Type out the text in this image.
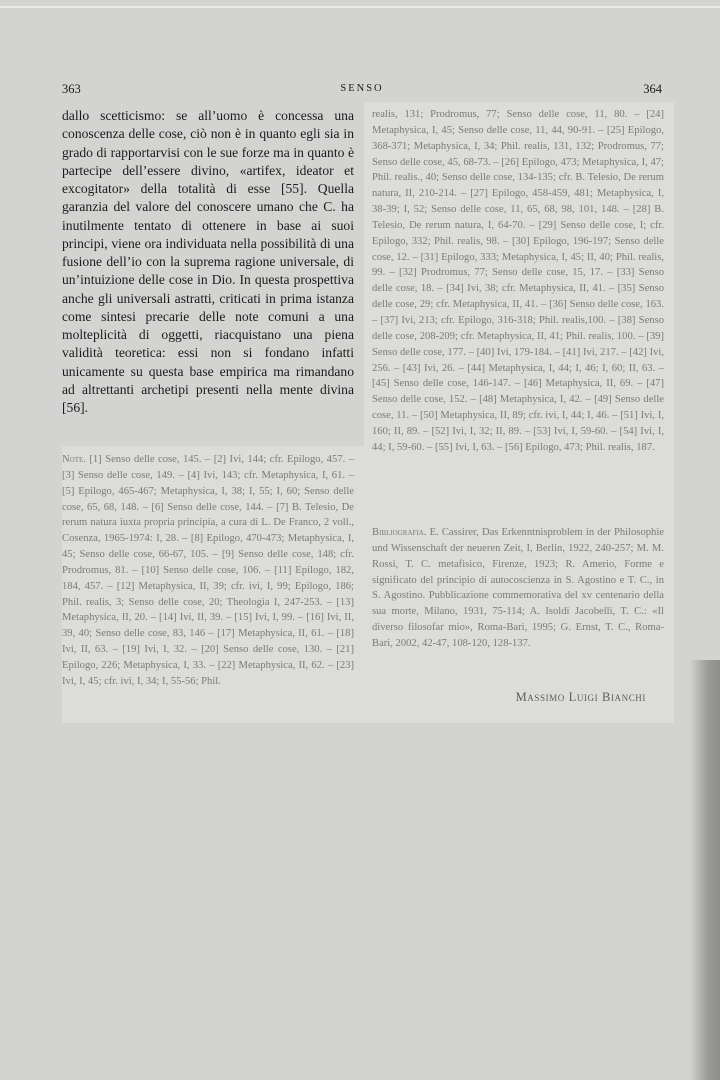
363	SENSO	364

dallo scetticismo: se all’uomo è concessa una conoscenza delle cose, ciò non è in quanto egli sia in grado di rapportarvisi con le sue forze ma in quanto è partecipe dell’essere divino, «artifex, ideator et excogitator» della totalità di esse [55]. Quella garanzia del valore del conoscere umano che C. ha inutilmente tentato di ottenere in base ai suoi principi, viene ora individuata nella possibilità di una fusione dell’io con la suprema ragione universale, di un’intuizione delle cose in Dio. In questa prospettiva anche gli universali astratti, criticati in prima istanza come sintesi precarie delle note comuni a una molteplicità di oggetti, riacquistano una piena validità teoretica: essi non si fondano infatti unicamente su questa base empirica ma rimandano ad altrettanti archetipi presenti nella mente divina [56].

Note. [1] Senso delle cose, 145. – [2] Ivi, 144; cfr. Epilogo, 457. – [3] Senso delle cose, 149. – [4] Ivi, 143; cfr. Metaphysica, I, 61. – [5] Epilogo, 465-467; Metaphysica, I, 38; I, 55; I, 60; Senso delle cose, 65, 68, 148. – [6] Senso delle cose, 144. – [7] B. Telesio, De rerum natura iuxta propria principia, a cura di L. De Franco, 2 voll., Cosenza, 1965-1974: I, 28. – [8] Epilogo, 470-473; Metaphysica, I, 45; Senso delle cose, 66-67, 105. – [9] Senso delle cose, 148; cfr. Prodromus, 81. – [10] Senso delle cose, 106. – [11] Epilogo, 182, 184, 457. – [12] Metaphysica, II, 39; cfr. ivi, I, 99; Epilogo, 186; Phil. realis, 3; Senso delle cose, 20; Theologia I, 247-253. – [13] Metaphysica, II, 20. – [14] Ivi, II, 39. – [15] Ivi, I, 99. – [16] Ivi, II, 39, 40; Senso delle cose, 83, 146 – [17] Metaphysica, II, 61. – [18] Ivi, II, 63. – [19] Ivi, I, 32. – [20] Senso delle cose, 130. – [21] Epilogo, 226; Metaphysica, I, 33. – [22] Metaphysica, II, 62. – [23] Ivi, I, 45; cfr. ivi, I, 34; I, 55-56; Phil.

realis, 131; Prodromus, 77; Senso delle cose, 11, 80. – [24] Metaphysica, I, 45; Senso delle cose, 11, 44, 90-91. – [25] Epilogo, 368-371; Metaphysica, I, 34; Phil. realis, 131, 132; Prodromus, 77; Senso delle cose, 45, 68-73. – [26] Epilogo, 473; Metaphysica, I, 47; Phil. realis., 40; Senso delle cose, 134-135; cfr. B. Telesio, De rerum natura, II, 210-214. – [27] Epilogo, 458-459, 481; Metaphysica, I, 38-39; I, 52; Senso delle cose, 11, 65, 68, 98, 101, 148. – [28] B. Telesio, De rerum natura, I, 64-70. – [29] Senso delle cose, I; cfr. Epilogo, 332; Phil. realis, 98. – [30] Epilogo, 196-197; Senso delle cose, 12. – [31] Epilogo, 333; Metaphysica, I, 45; II, 40; Phil. realis, 99. – [32] Prodromus, 77; Senso delle cose, 15, 17. – [33] Senso delle cose, 18. – [34] Ivi, 38; cfr. Metaphysica, II, 41. – [35] Senso delle cose, 29; cfr. Metaphysica, II, 41. – [36] Senso delle cose, 163. – [37] Ivi, 213; cfr. Epilogo, 316-318; Phil. realis,100. – [38] Senso delle cose, 208-209; cfr. Metaphysica, II, 41; Phil. realis, 100. – [39] Senso delle cose, 177. – [40] Ivi, 179-184. – [41] Ivi, 217. – [42] Ivi, 256. – [43] Ivi, 26. – [44] Metaphysica, I, 44; I, 46; I, 60; II, 63. – [45] Senso delle cose, 146-147. – [46] Metaphysica, II, 69. – [47] Senso delle cose, 152. – [48] Metaphysica, I, 42. – [49] Senso delle cose, 11. – [50] Metaphysica, II, 89; cfr. ivi, I, 44; I, 46. – [51] Ivi, I, 160; II, 89. – [52] Ivi, I, 32; II, 89. – [53] Ivi, I, 59-60. – [54] Ivi, I, 44; I, 59-60. – [55] Ivi, I, 63. – [56] Epilogo, 473; Phil. realis, 187.

Bibliografia. E. Cassirer, Das Erkenntnisproblem in der Philosophie und Wissenschaft der neueren Zeit, I, Berlin, 1922, 240-257; M. M. Rossi, T. C. metafisico, Firenze, 1923; R. Amerio, Forme e significato del principio di autocoscienza in S. Agostino e T. C., in S. Agostino. Pubblicazione commemorativa del xv centenario della sua morte, Milano, 1931, 75-114; A. Isoldi Jacobelli, T. C.: «Il diverso filosofar mio», Roma-Bari, 1995; G. Ernst, T. C., Roma-Bari, 2002, 42-47, 108-120, 128-137.

Massimo Luigi Bianchi
